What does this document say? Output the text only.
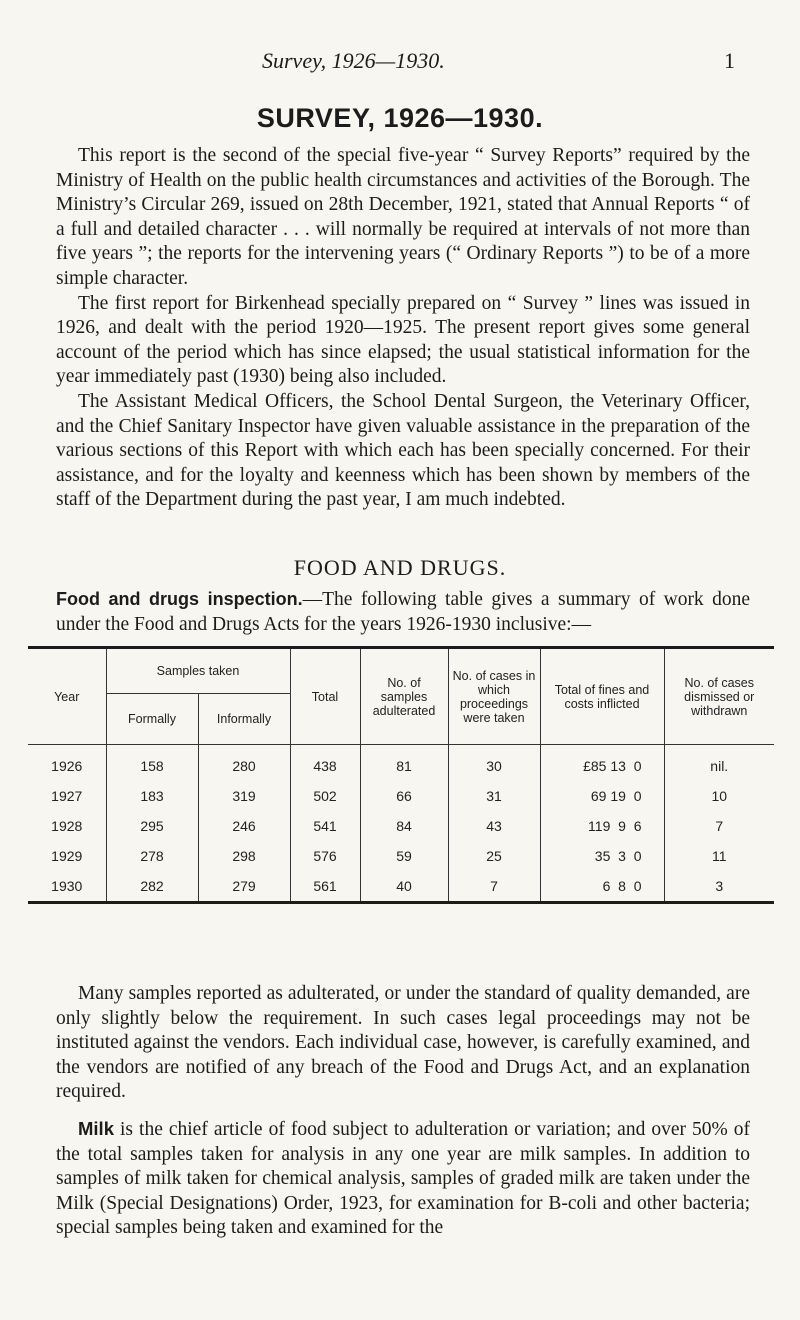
Survey, 1926—1930.	1
SURVEY, 1926—1930.

This report is the second of the special five-year “ Survey Reports” required by the Ministry of Health on the public health circumstances and activities of the Borough. The Ministry’s Circular 269, issued on 28th December, 1921, stated that Annual Reports “ of a full and detailed character . . . will normally be required at intervals of not more than five years ”; the reports for the intervening years (“ Ordinary Reports ”) to be of a more simple character.

The first report for Birkenhead specially prepared on “ Survey ” lines was issued in 1926, and dealt with the period 1920—1925. The present report gives some general account of the period which has since elapsed; the usual statistical information for the year immediately past (1930) being also included.

The Assistant Medical Officers, the School Dental Surgeon, the Veterinary Officer, and the Chief Sanitary Inspector have given valuable assistance in the preparation of the various sections of this Report with which each has been specially concerned. For their assistance, and for the loyalty and keenness which has been shown by members of the staff of the Department during the past year, I am much indebted.

FOOD AND DRUGS.

Food and drugs inspection.—The following table gives a summary of work done under the Food and Drugs Acts for the years 1926-1930 inclusive:—

Year	Samples taken		Total	No. of samples adulterated	No. of cases in which proceedings were taken	Total of fines and costs inflicted	No. of cases dismissed or withdrawn
	Formally	Informally					
1926	158	280	438	81	30	£85 13  0	nil.
1927	183	319	502	66	31	69 19  0	10
1928	295	246	541	84	43	119  9  6	7
1929	278	298	576	59	25	35  3  0	11
1930	282	279	561	40	7	6  8  0	3

Many samples reported as adulterated, or under the standard of quality demanded, are only slightly below the requirement. In such cases legal proceedings may not be instituted against the vendors. Each individual case, however, is carefully examined, and the vendors are notified of any breach of the Food and Drugs Act, and an explanation required.

Milk is the chief article of food subject to adulteration or variation; and over 50% of the total samples taken for analysis in any one year are milk samples. In addition to samples of milk taken for chemical analysis, samples of graded milk are taken under the Milk (Special Designations) Order, 1923, for examination for B-coli and other bacteria; special samples being taken and examined for the
